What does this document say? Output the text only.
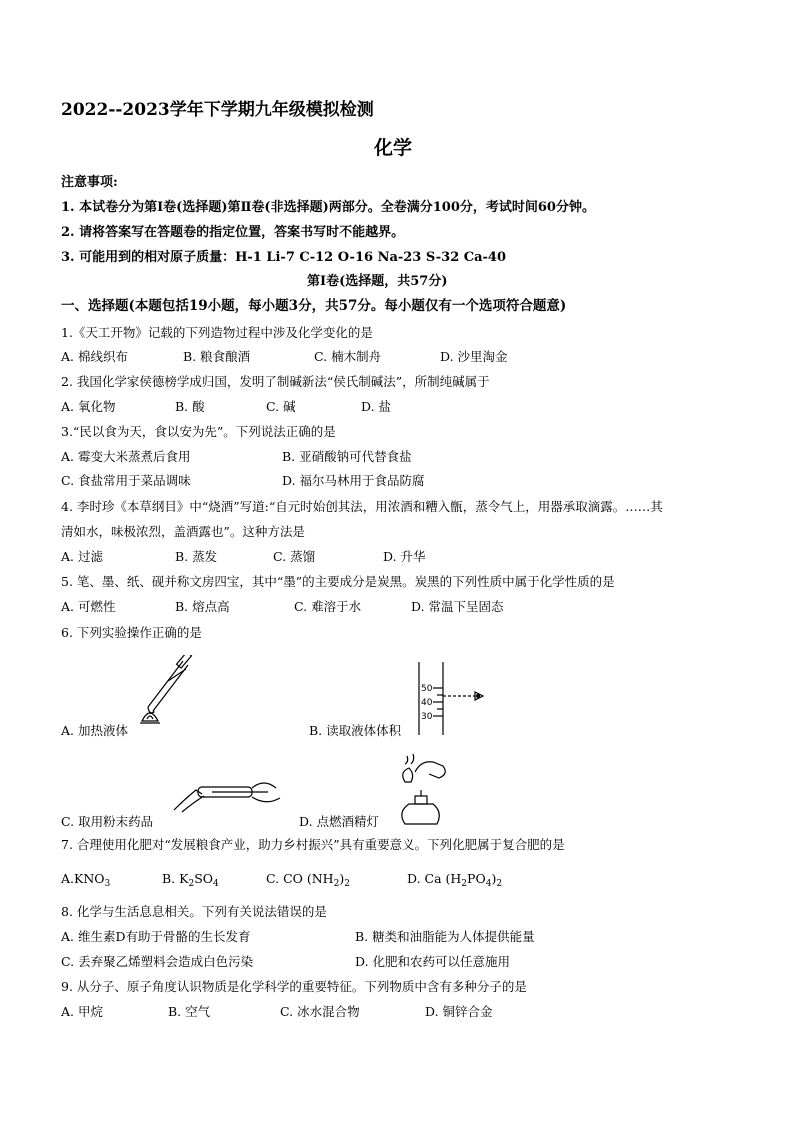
2022--2023学年下学期九年级模拟检测
化学
注意事项:
1. 本试卷分为第Ⅰ卷(选择题)第Ⅱ卷(非选择题)两部分。全卷满分100分，考试时间60分钟。
2. 请将答案写在答题卷的指定位置，答案书写时不能越界。
3. 可能用到的相对原子质量：H-1 Li-7 C-12 O-16 Na-23 S-32 Ca-40
第Ⅰ卷(选择题，共57分)
一、选择题(本题包括19小题，每小题3分，共57分。每小题仅有一个选项符合题意)
1.《天工开物》记载的下列造物过程中涉及化学变化的是
A. 棉线织布	B. 粮食酿酒	C. 楠木制舟	D. 沙里淘金
2. 我国化学家侯德榜学成归国，发明了制碱新法“侯氏制碱法”，所制纯碱属于
A. 氧化物	B. 酸	C. 碱	D. 盐
3.“民以食为天，食以安为先”。下列说法正确的是
A. 霉变大米蒸煮后食用	B. 亚硝酸钠可代替食盐
C. 食盐常用于菜品调味	D. 福尔马林用于食品防腐
4. 李时珍《本草纲目》中“烧酒”写道:“自元时始创其法，用浓酒和糟入甑，蒸令气上，用器承取滴露。……其
清如水，味极浓烈，盖酒露也”。这种方法是
A. 过滤	B. 蒸发	C. 蒸馏	D. 升华
5. 笔、墨、纸、砚并称文房四宝，其中“墨”的主要成分是炭黑。炭黑的下列性质中属于化学性质的是
A. 可燃性	B. 熔点高	C. 难溶于水	D. 常温下呈固态
6. 下列实验操作正确的是
A. 加热液体
50
40
30
B. 读取液体体积
C. 取用粉末药品	D. 点燃酒精灯
7. 合理使用化肥对“发展粮食产业，助力乡村振兴”具有重要意义。下列化肥属于复合肥的是
$A.KNO_3$	B. $K_2SO_4$	C. CO $(NH_2)_2$	D. Ca $(H_2PO_4)_2$
8. 化学与生活息息相关。下列有关说法错误的是
A. 维生素D有助于骨骼的生长发育	B. 糖类和油脂能为人体提供能量
C. 丢弃聚乙烯塑料会造成白色污染	D. 化肥和农药可以任意施用
9. 从分子、原子角度认识物质是化学科学的重要特征。下列物质中含有多种分子的是
A. 甲烷	B. 空气	C. 冰水混合物	D. 铜锌合金
